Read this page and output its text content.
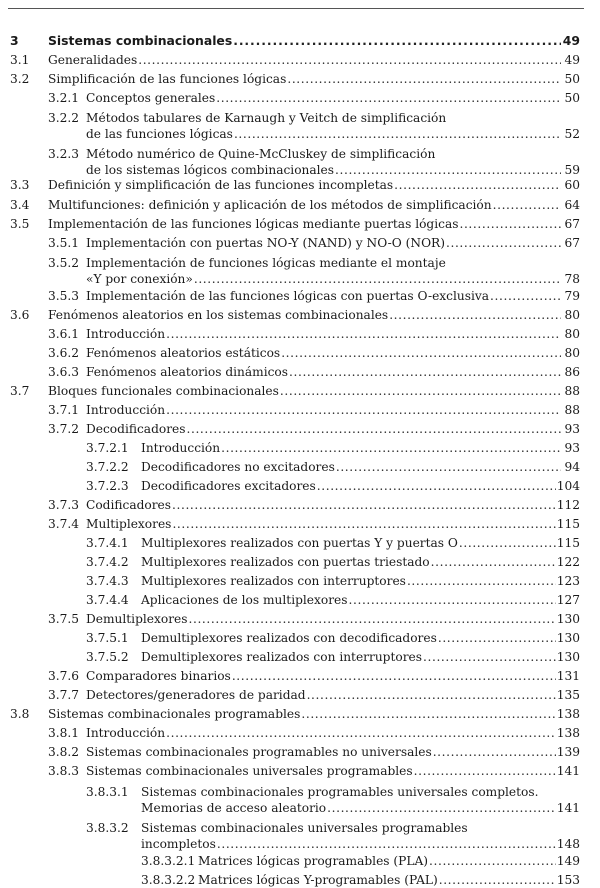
3 Sistemas combinacionales .....	49
3.1 Generalidades .....	49
3.2 Simplificación de las funciones lógicas .....	50
3.2.1 Conceptos generales .....	50
3.2.2 Métodos tabulares de Karnaugh y Veitch de simplificación
de las funciones lógicas .....	52
3.2.3 Método numérico de Quine-McCluskey de simplificación
de los sistemas lógicos combinacionales .....	59
3.3 Definición y simplificación de las funciones incompletas .....	60
3.4 Multifunciones: definición y aplicación de los métodos de simplificación .....	64
3.5 Implementación de las funciones lógicas mediante puertas lógicas .....	67
3.5.1 Implementación con puertas NO-Y (NAND) y NO-O (NOR) .....	67
3.5.2 Implementación de funciones lógicas mediante el montaje
«Y por conexión» .....	78
3.5.3 Implementación de las funciones lógicas con puertas O-exclusiva .....	79
3.6 Fenómenos aleatorios en los sistemas combinacionales .....	80
3.6.1 Introducción .....	80
3.6.2 Fenómenos aleatorios estáticos .....	80
3.6.3 Fenómenos aleatorios dinámicos .....	86
3.7 Bloques funcionales combinacionales .....	88
3.7.1 Introducción .....	88
3.7.2 Decodificadores .....	93
3.7.2.1 Introducción .....	93
3.7.2.2 Decodificadores no excitadores .....	94
3.7.2.3 Decodificadores excitadores .....	104
3.7.3 Codificadores .....	112
3.7.4 Multiplexores .....	115
3.7.4.1 Multiplexores realizados con puertas Y y puertas O .....	115
3.7.4.2 Multiplexores realizados con puertas triestado .....	122
3.7.4.3 Multiplexores realizados con interruptores .....	123
3.7.4.4 Aplicaciones de los multiplexores .....	127
3.7.5 Demultiplexores .....	130
3.7.5.1 Demultiplexores realizados con decodificadores .....	130
3.7.5.2 Demultiplexores realizados con interruptores .....	130
3.7.6 Comparadores binarios .....	131
3.7.7 Detectores/generadores de paridad .....	135
3.8 Sistemas combinacionales programables .....	138
3.8.1 Introducción .....	138
3.8.2 Sistemas combinacionales programables no universales .....	139
3.8.3 Sistemas combinacionales universales programables .....	141
3.8.3.1 Sistemas combinacionales programables universales completos.
Memorias de acceso aleatorio .....	141
3.8.3.2 Sistemas combinacionales universales programables
incompletos .....	148
3.8.3.2.1 Matrices lógicas programables (PLA) .....	149
3.8.3.2.2 Matrices lógicas Y-programables (PAL) .....	153
